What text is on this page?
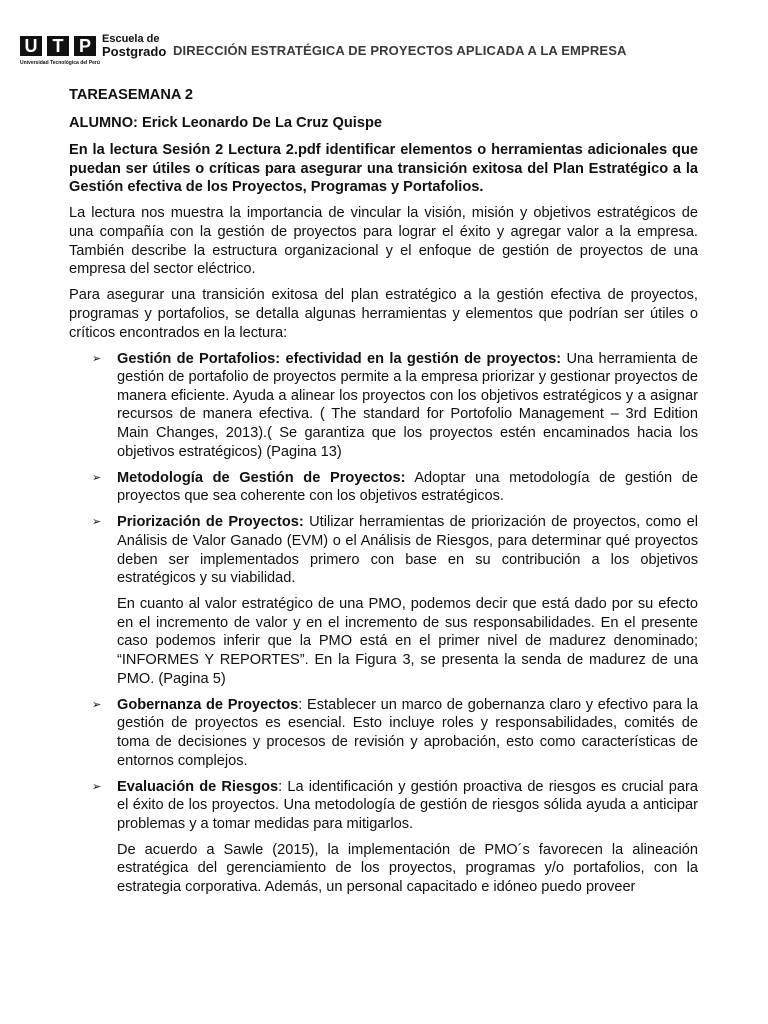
U T P	Escuela de
Postgrado
Universidad Tecnológica del Perú
DIRECCIÓN ESTRATÉGICA DE PROYECTOS APLICADA A LA EMPRESA

TAREASEMANA 2

ALUMNO: Erick Leonardo De La Cruz Quispe

En la lectura Sesión 2 Lectura 2.pdf identificar elementos o herramientas adicionales que puedan ser útiles o críticas para asegurar una transición exitosa del Plan Estratégico a la Gestión efectiva de los Proyectos, Programas y Portafolios.

La lectura nos muestra la importancia de vincular la visión, misión y objetivos estratégicos de una compañía con la gestión de proyectos para lograr el éxito y agregar valor a la empresa. También describe la estructura organizacional y el enfoque de gestión de proyectos de una empresa del sector eléctrico.

Para asegurar una transición exitosa del plan estratégico a la gestión efectiva de proyectos, programas y portafolios, se detalla algunas herramientas y elementos que podrían ser útiles o críticos encontrados en la lectura:

➢ Gestión de Portafolios: efectividad en la gestión de proyectos: Una herramienta de gestión de portafolio de proyectos permite a la empresa priorizar y gestionar proyectos de manera eficiente. Ayuda a alinear los proyectos con los objetivos estratégicos y a asignar recursos de manera efectiva. ( The standard for Portofolio Management – 3rd Edition Main Changes, 2013).( Se garantiza que los proyectos estén encaminados hacia los objetivos estratégicos) (Pagina 13)

➢ Metodología de Gestión de Proyectos: Adoptar una metodología de gestión de proyectos que sea coherente con los objetivos estratégicos.

➢ Priorización de Proyectos: Utilizar herramientas de priorización de proyectos, como el Análisis de Valor Ganado (EVM) o el Análisis de Riesgos, para determinar qué proyectos deben ser implementados primero con base en su contribución a los objetivos estratégicos y su viabilidad.

En cuanto al valor estratégico de una PMO, podemos decir que está dado por su efecto en el incremento de valor y en el incremento de sus responsabilidades. En el presente caso podemos inferir que la PMO está en el primer nivel de madurez denominado; “INFORMES Y REPORTES”. En la Figura 3, se presenta la senda de madurez de una PMO. (Pagina 5)

➢ Gobernanza de Proyectos: Establecer un marco de gobernanza claro y efectivo para la gestión de proyectos es esencial. Esto incluye roles y responsabilidades, comités de toma de decisiones y procesos de revisión y aprobación, esto como características de entornos complejos.

➢ Evaluación de Riesgos: La identificación y gestión proactiva de riesgos es crucial para el éxito de los proyectos. Una metodología de gestión de riesgos sólida ayuda a anticipar problemas y a tomar medidas para mitigarlos.

De acuerdo a Sawle (2015), la implementación de PMO´s favorecen la alineación estratégica del gerenciamiento de los proyectos, programas y/o portafolios, con la estrategia corporativa. Además, un personal capacitado e idóneo puedo proveer
